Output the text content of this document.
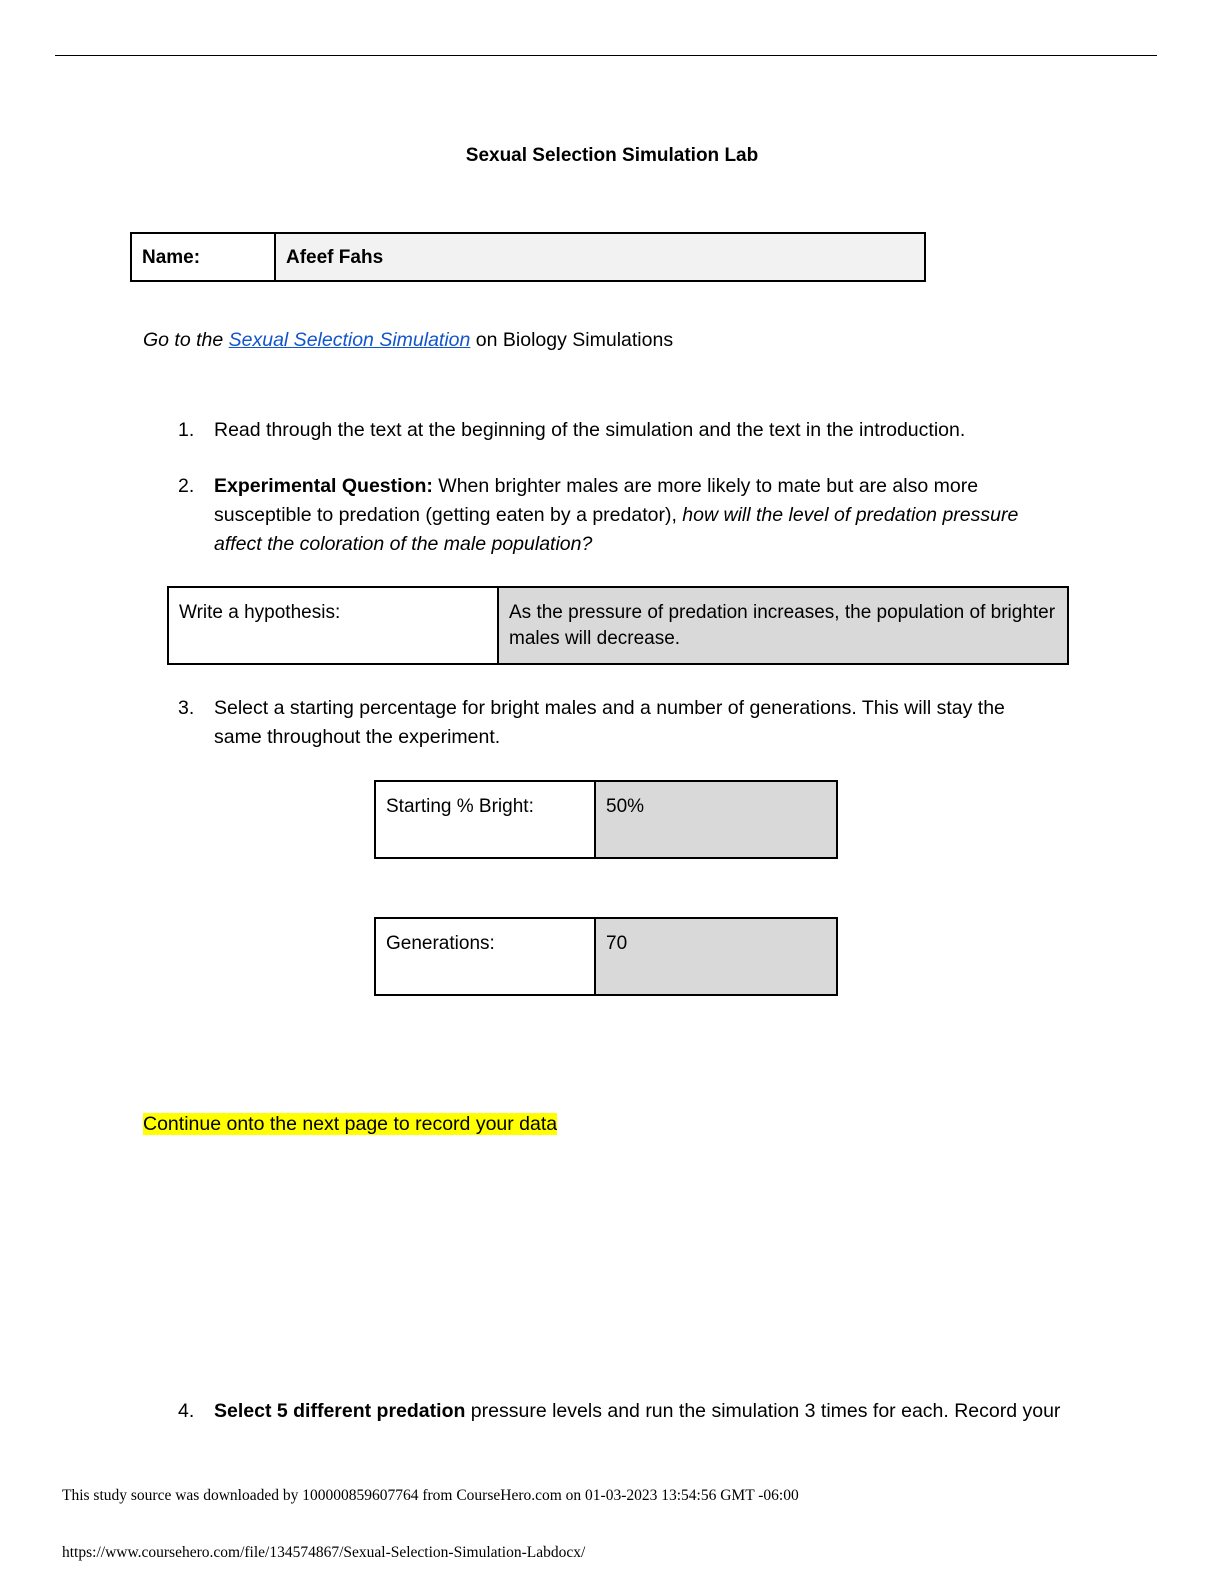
Sexual Selection Simulation Lab
Name:	Afeef Fahs
Go to the Sexual Selection Simulation on Biology Simulations
1. Read through the text at the beginning of the simulation and the text in the introduction.
2. Experimental Question: When brighter males are more likely to mate but are also more susceptible to predation (getting eaten by a predator), how will the level of predation pressure affect the coloration of the male population?
Write a hypothesis:	As the pressure of predation increases, the population of brighter males will decrease.
3. Select a starting percentage for bright males and a number of generations. This will stay the same throughout the experiment.
Starting % Bright:	50%
Generations:	70
Continue onto the next page to record your data
4. Select 5 different predation pressure levels and run the simulation 3 times for each. Record your
This study source was downloaded by 100000859607764 from CourseHero.com on 01-03-2023 13:54:56 GMT -06:00
https://www.coursehero.com/file/134574867/Sexual-Selection-Simulation-Labdocx/
